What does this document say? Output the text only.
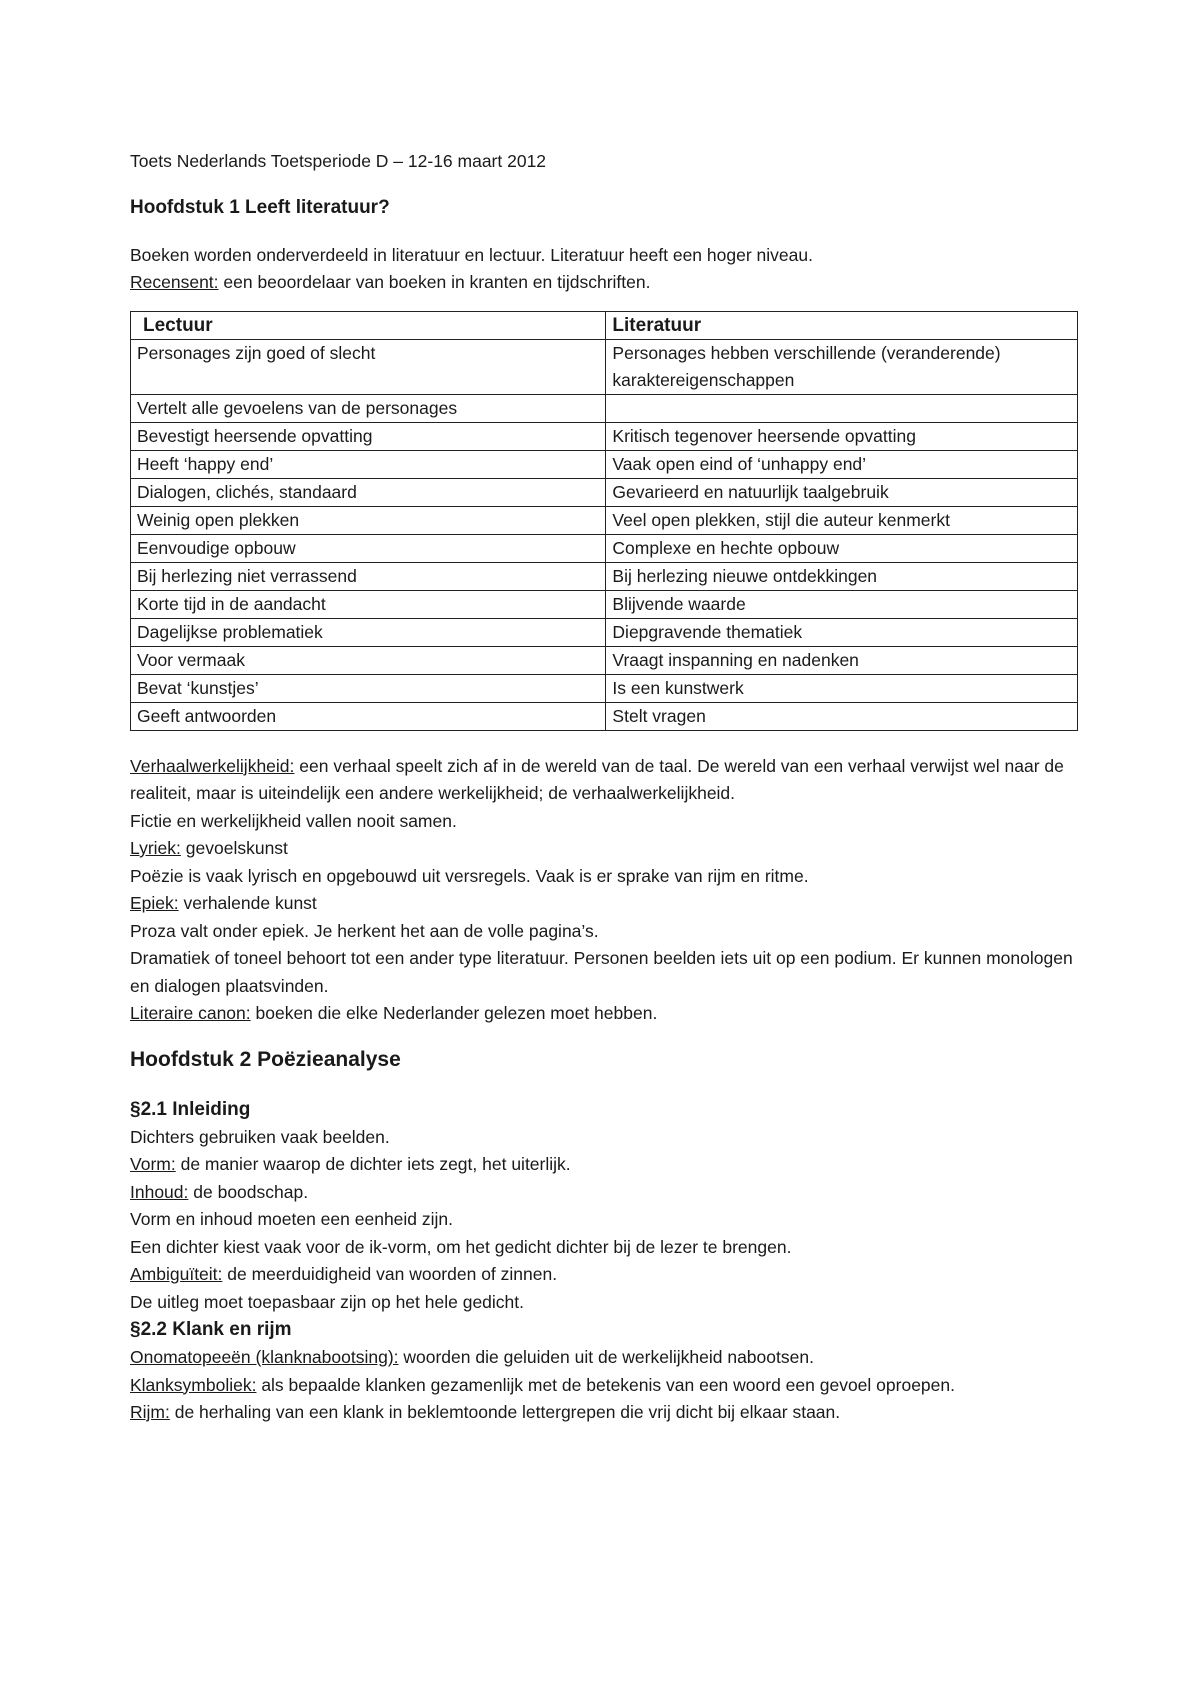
Toets Nederlands Toetsperiode D – 12-16 maart 2012

Hoofdstuk 1 Leeft literatuur?

Boeken worden onderverdeeld in literatuur en lectuur. Literatuur heeft een hoger niveau.

Recensent: een beoordelaar van boeken in kranten en tijdschriften.

Lectuur	Literatuur
Personages zijn goed of slecht	Personages hebben verschillende (veranderende) karaktereigenschappen
Vertelt alle gevoelens van de personages	
Bevestigt heersende opvatting	Kritisch tegenover heersende opvatting
Heeft ‘happy end’	Vaak open eind of ‘unhappy end’
Dialogen, clichés, standaard	Gevarieerd en natuurlijk taalgebruik
Weinig open plekken	Veel open plekken, stijl die auteur kenmerkt
Eenvoudige opbouw	Complexe en hechte opbouw
Bij herlezing niet verrassend	Bij herlezing nieuwe ontdekkingen
Korte tijd in de aandacht	Blijvende waarde
Dagelijkse problematiek	Diepgravende thematiek
Voor vermaak	Vraagt inspanning en nadenken
Bevat ‘kunstjes’	Is een kunstwerk
Geeft antwoorden	Stelt vragen

Verhaalwerkelijkheid: een verhaal speelt zich af in de wereld van de taal. De wereld van een verhaal verwijst wel naar de realiteit, maar is uiteindelijk een andere werkelijkheid; de verhaalwerkelijkheid.

Fictie en werkelijkheid vallen nooit samen.

Lyriek: gevoelskunst

Poëzie is vaak lyrisch en opgebouwd uit versregels. Vaak is er sprake van rijm en ritme.

Epiek: verhalende kunst

Proza valt onder epiek. Je herkent het aan de volle pagina’s.

Dramatiek of toneel behoort tot een ander type literatuur. Personen beelden iets uit op een podium. Er kunnen monologen en dialogen plaatsvinden.

Literaire canon: boeken die elke Nederlander gelezen moet hebben.

Hoofdstuk 2 Poëzieanalyse
§2.1 Inleiding

Dichters gebruiken vaak beelden.

Vorm: de manier waarop de dichter iets zegt, het uiterlijk.

Inhoud: de boodschap.

Vorm en inhoud moeten een eenheid zijn.

Een dichter kiest vaak voor de ik-vorm, om het gedicht dichter bij de lezer te brengen.

Ambiguïteit: de meerduidigheid van woorden of zinnen.

De uitleg moet toepasbaar zijn op het hele gedicht.

§2.2 Klank en rijm

Onomatopeeën (klanknabootsing): woorden die geluiden uit de werkelijkheid nabootsen.

Klanksymboliek: als bepaalde klanken gezamenlijk met de betekenis van een woord een gevoel oproepen.

Rijm: de herhaling van een klank in beklemtoonde lettergrepen die vrij dicht bij elkaar staan.
